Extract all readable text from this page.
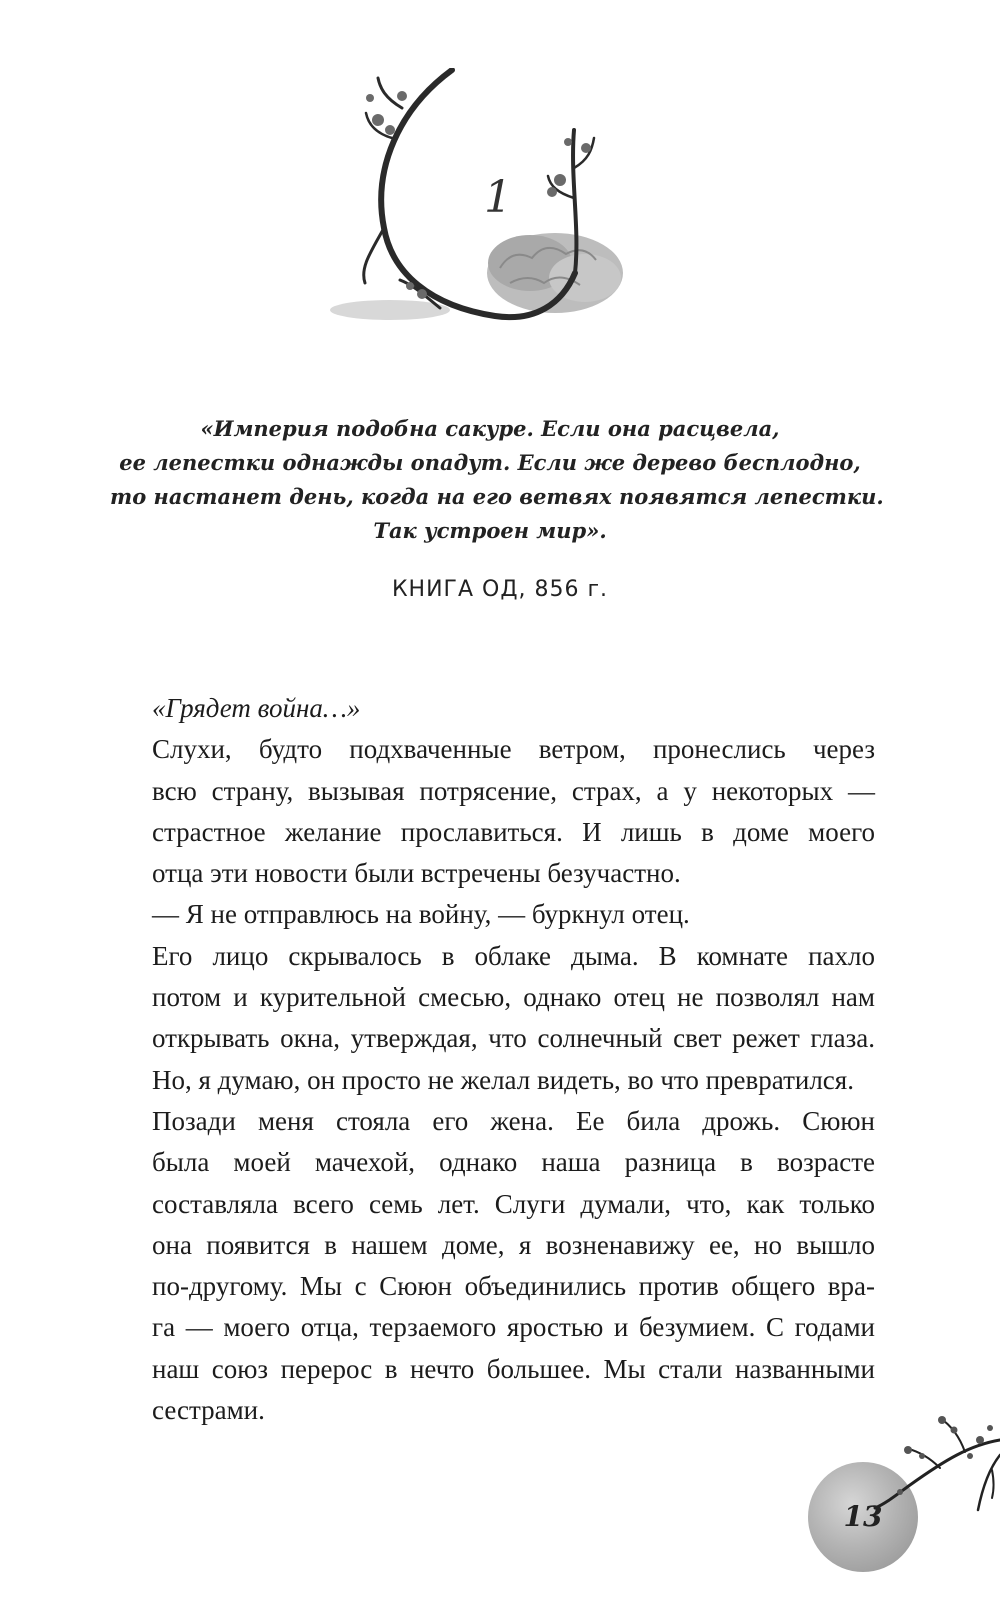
1
«Империя подобна сакуре. Если она расцвела,
ее лепестки однажды опадут. Если же дерево бесплодно,
то настанет день, когда на его ветвях появятся лепестки.
Так устроен мир».
КНИГА ОД, 856 г.

«Грядет война…»

Слухи, будто подхваченные ветром, пронеслись через
всю страну, вызывая потрясение, страх, а у некоторых —
страстное желание прославиться. И лишь в доме моего
отца эти новости были встречены безучастно.

— Я не отправлюсь на войну, — буркнул отец.

Его лицо скрывалось в облаке дыма. В комнате пахло
потом и курительной смесью, однако отец не позволял нам
открывать окна, утверждая, что солнечный свет режет глаза.
Но, я думаю, он просто не желал видеть, во что превратился.

Позади меня стояла его жена. Ее била дрожь. Сююн
была моей мачехой, однако наша разница в возрасте
составляла всего семь лет. Слуги думали, что, как только
она появится в нашем доме, я возненавижу ее, но вышло
по-другому. Мы с Сююн объединились против общего вра-
га — моего отца, терзаемого яростью и безумием. С годами
наш союз перерос в нечто большее. Мы стали названными
сестрами.

13
